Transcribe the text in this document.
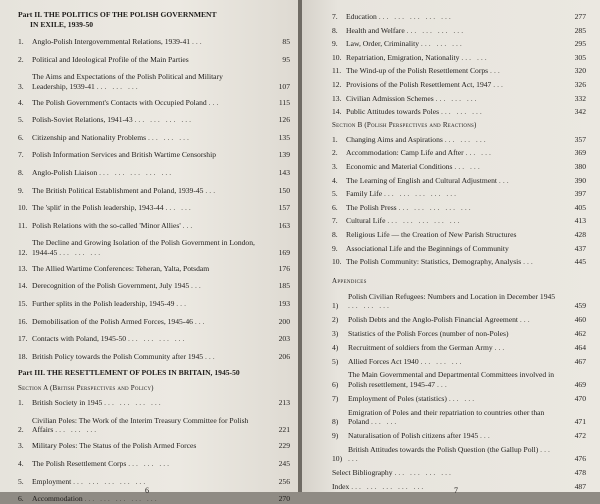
Part II. THE POLITICS OF THE POLISH GOVERNMENT
IN EXILE, 1939-50
1.	Anglo-Polish Intergovernmental Relations, 1939-41 ...	85
2.	Political and Ideological Profile of the Main Parties	95
3.
The Aims and Expectations of the Polish Political and Military Leadership, 1939-41 ... ... ...	107
4.	The Polish Government's Contacts with Occupied Poland ...	115
5.	Polish-Soviet Relations, 1941-43 ... ... ... ...	126
6.	Citizenship and Nationality Problems ... ... ...	135
7.	Polish Information Services and British Wartime Censorship	139
8.	Anglo-Polish Liaison ... ... ... ... ...	143
9.	The British Political Establishment and Poland, 1939-45 ...	150
10. The 'split' in the Polish leadership, 1943-44 ... ...	157
11. Polish Relations with the so-called 'Minor Allies' ...	163
12.
The Decline and Growing Isolation of the Polish Government in London, 1944-45 ... ... ...	169
13. The Allied Wartime Conferences: Teheran, Yalta, Potsdam	176
14. Derecognition of the Polish Government, July 1945 ...	185
15. Further splits in the Polish leadership, 1945-49 ...	193
16. Demobilisation of the Polish Armed Forces, 1945-46 ...	200
17. Contacts with Poland, 1945-50 ... ... ... ...	203
18. British Policy towards the Polish Community after 1945 ...	206
Part III. THE RESETTLEMENT OF POLES IN BRITAIN, 1945-50
Section A (British Perspectives and Policy)
1.	British Society in 1945 ... ... ... ...	213
2.
Civilian Poles: The Work of the Interim Treasury Committee for Polish Affairs ... ... ...	221
3.	Military Poles: The Status of the Polish Armed Forces	229
4.	The Polish Resettlement Corps ... ... ...	245
5.	Employment ... ... ... ... ...	256
6.	Accommodation ... ... ... ... ...	270
6
7.	Education ... ... ... ... ...	277
8.	Health and Welfare ... ... ... ...	285
9.	Law, Order, Criminality ... ... ...	295
10. Repatriation, Emigration, Nationality ... ...	305
11. The Wind-up of the Polish Resettlement Corps ...	320
12. Provisions of the Polish Resettlement Act, 1947 ...	326
13. Civilian Admission Schemes ... ... ...	332
14. Public Attitudes towards Poles ... ... ...	342
Section B (Polish Perspectives and Reactions)
1.	Changing Aims and Aspirations ... ... ...	357
2.	Accommodation: Camp Life and After ... ...	369
3.	Economic and Material Conditions ... ...	380
4.	The Learning of English and Cultural Adjustment ...	390
5.	Family Life ... ... ... ... ...	397
6.	The Polish Press ... ... ... ... ...	405
7.	Cultural Life ... ... ... ... ...	413
8.	Religious Life — the Creation of New Parish Structures	428
9.	Associational Life and the Beginnings of Community	437
10. The Polish Community: Statistics, Demography, Analysis ...	445
Appendices
1)
Polish Civilian Refugees: Numbers and Location in December 1945 ... ... ...	459
2)	Polish Debts and the Anglo-Polish Financial Agreement ...	460
3)	Statistics of the Polish Forces (number of non-Poles)	462
4)	Recruitment of soldiers from the German Army ...	464
5)	Allied Forces Act 1940 ... ... ...	467
6)
The Main Governmental and Departmental Committees involved in Polish resettlement, 1945-47 ...	469
7)	Employment of Poles (statistics) ... ...	470
8)
Emigration of Poles and their repatriation to countries other than Poland ... ...	471
9)	Naturalisation of Polish citizens after 1945 ...	472
10)
British Attitudes towards the Polish Question (the Gallup Poll) ... ...	476
Select Bibliography ... ... ... ...	478
Index ... ... ... ... ...	487
7
